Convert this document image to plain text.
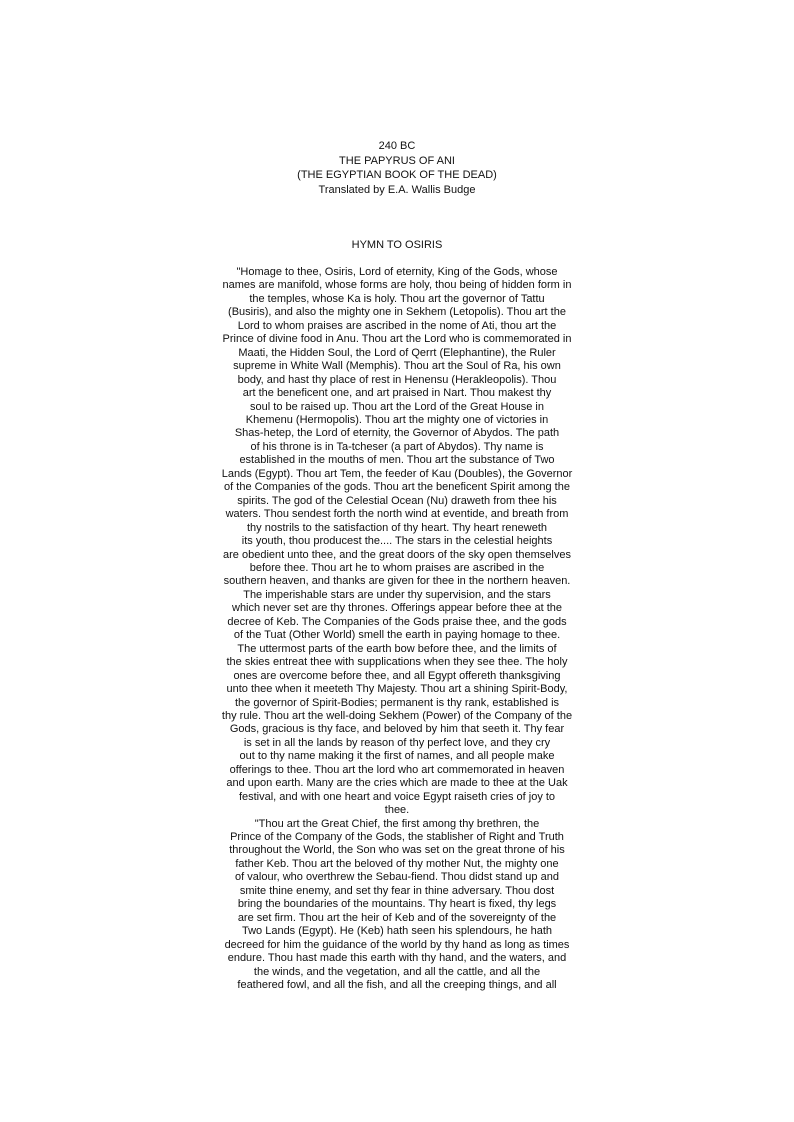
240 BC
THE PAPYRUS OF ANI
(THE EGYPTIAN BOOK OF THE DEAD)
Translated by E.A. Wallis Budge
HYMN TO OSIRIS
"Homage to thee, Osiris, Lord of eternity, King of the Gods, whose
names are manifold, whose forms are holy, thou being of hidden form in
the temples, whose Ka is holy. Thou art the governor of Tattu
(Busiris), and also the mighty one in Sekhem (Letopolis). Thou art the
Lord to whom praises are ascribed in the nome of Ati, thou art the
Prince of divine food in Anu. Thou art the Lord who is commemorated in
Maati, the Hidden Soul, the Lord of Qerrt (Elephantine), the Ruler
supreme in White Wall (Memphis). Thou art the Soul of Ra, his own
body, and hast thy place of rest in Henensu (Herakleopolis). Thou
art the beneficent one, and art praised in Nart. Thou makest thy
soul to be raised up. Thou art the Lord of the Great House in
Khemenu (Hermopolis). Thou art the mighty one of victories in
Shas-hetep, the Lord of eternity, the Governor of Abydos. The path
of his throne is in Ta-tcheser (a part of Abydos). Thy name is
established in the mouths of men. Thou art the substance of Two
Lands (Egypt). Thou art Tem, the feeder of Kau (Doubles), the Governor
of the Companies of the gods. Thou art the beneficent Spirit among the
spirits. The god of the Celestial Ocean (Nu) draweth from thee his
waters. Thou sendest forth the north wind at eventide, and breath from
thy nostrils to the satisfaction of thy heart. Thy heart reneweth
its youth, thou producest the.... The stars in the celestial heights
are obedient unto thee, and the great doors of the sky open themselves
before thee. Thou art he to whom praises are ascribed in the
southern heaven, and thanks are given for thee in the northern heaven.
The imperishable stars are under thy supervision, and the stars
which never set are thy thrones. Offerings appear before thee at the
decree of Keb. The Companies of the Gods praise thee, and the gods
of the Tuat (Other World) smell the earth in paying homage to thee.
The uttermost parts of the earth bow before thee, and the limits of
the skies entreat thee with supplications when they see thee. The holy
ones are overcome before thee, and all Egypt offereth thanksgiving
unto thee when it meeteth Thy Majesty. Thou art a shining Spirit-Body,
the governor of Spirit-Bodies; permanent is thy rank, established is
thy rule. Thou art the well-doing Sekhem (Power) of the Company of the
Gods, gracious is thy face, and beloved by him that seeth it. Thy fear
is set in all the lands by reason of thy perfect love, and they cry
out to thy name making it the first of names, and all people make
offerings to thee. Thou art the lord who art commemorated in heaven
and upon earth. Many are the cries which are made to thee at the Uak
festival, and with one heart and voice Egypt raiseth cries of joy to
thee.
"Thou art the Great Chief, the first among thy brethren, the
Prince of the Company of the Gods, the stablisher of Right and Truth
throughout the World, the Son who was set on the great throne of his
father Keb. Thou art the beloved of thy mother Nut, the mighty one
of valour, who overthrew the Sebau-fiend. Thou didst stand up and
smite thine enemy, and set thy fear in thine adversary. Thou dost
bring the boundaries of the mountains. Thy heart is fixed, thy legs
are set firm. Thou art the heir of Keb and of the sovereignty of the
Two Lands (Egypt). He (Keb) hath seen his splendours, he hath
decreed for him the guidance of the world by thy hand as long as times
endure. Thou hast made this earth with thy hand, and the waters, and
the winds, and the vegetation, and all the cattle, and all the
feathered fowl, and all the fish, and all the creeping things, and all
